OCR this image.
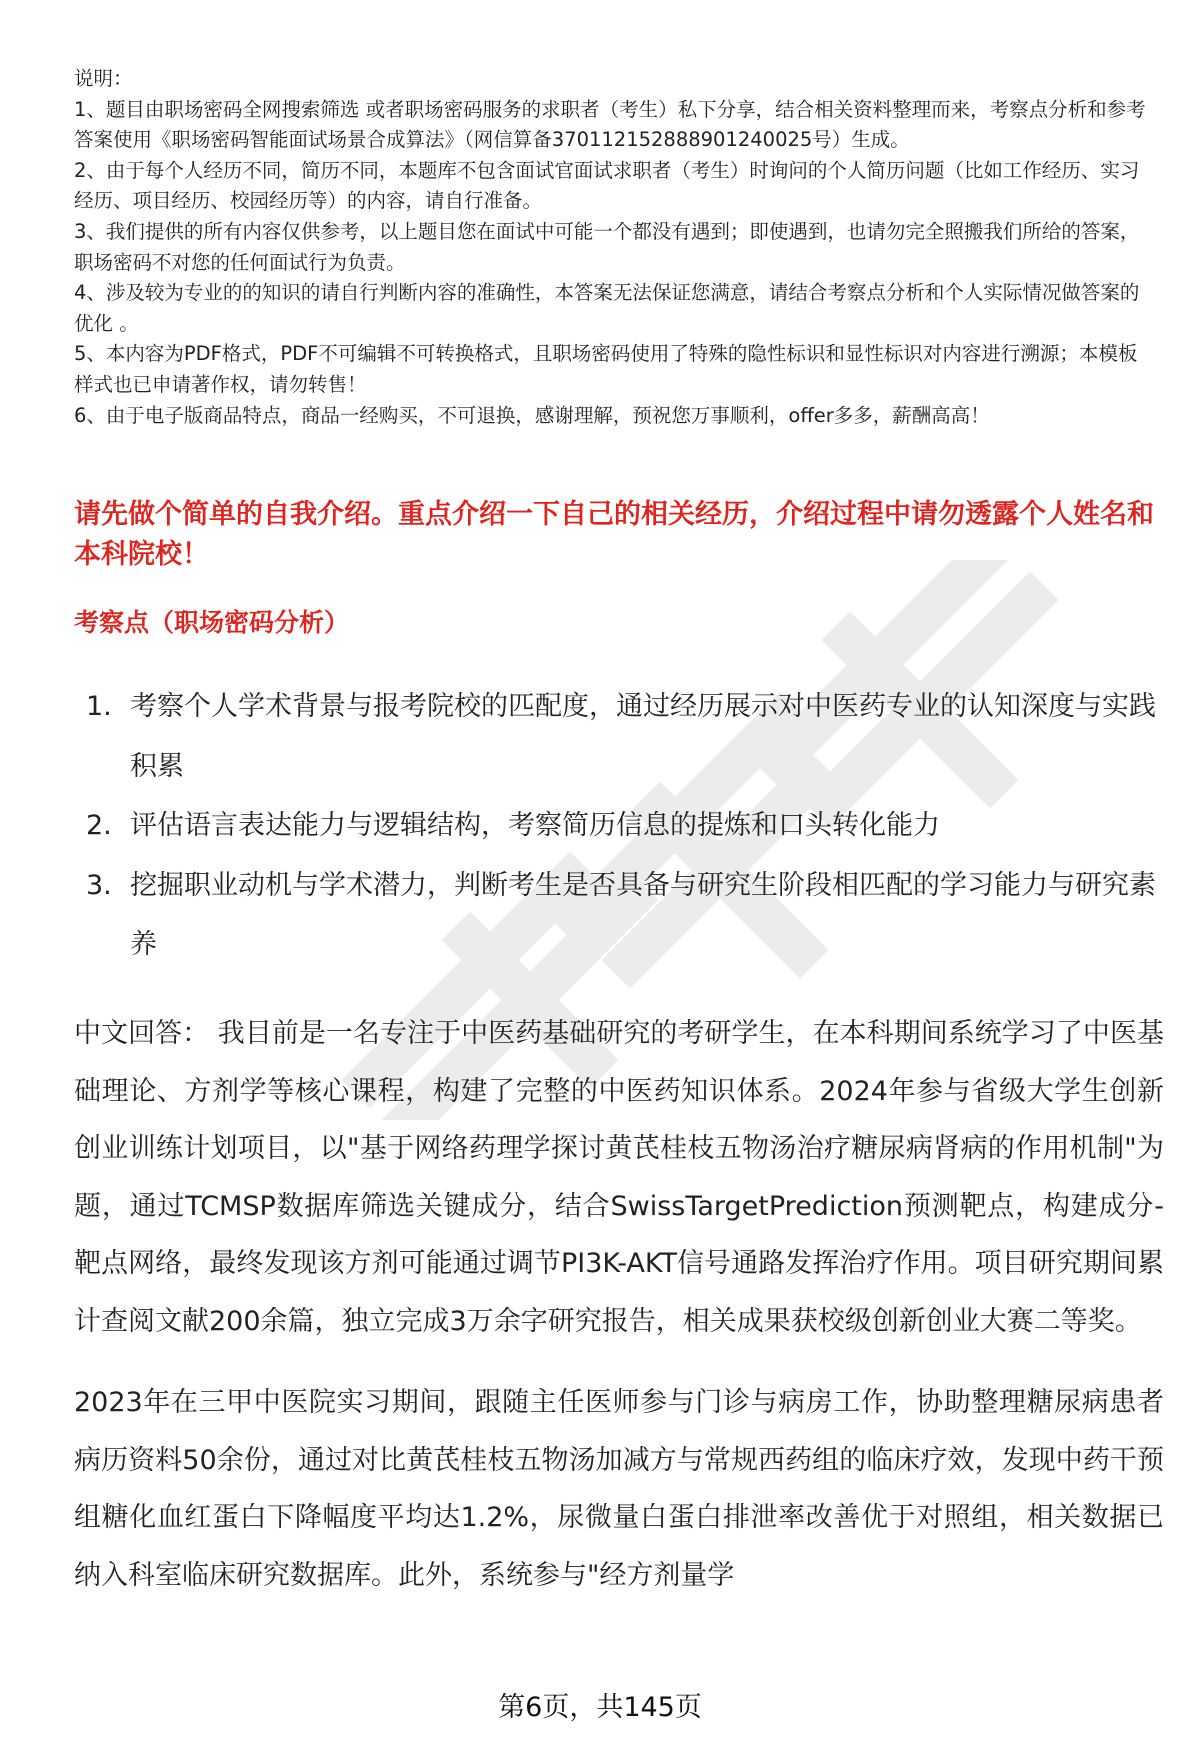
说明：

1、题目由职场密码全网搜索筛选 或者职场密码服务的求职者（考生）私下分享，结合相关资料整理而来，考察点分析和参考答案使用《职场密码智能面试场景合成算法》（网信算备370112152888901240025号）生成。

2、由于每个人经历不同，简历不同，本题库不包含面试官面试求职者（考生）时询问的个人简历问题（比如工作经历、实习经历、项目经历、校园经历等）的内容，请自行准备。

3、我们提供的所有内容仅供参考，以上题目您在面试中可能一个都没有遇到；即使遇到，也请勿完全照搬我们所给的答案，职场密码不对您的任何面试行为负责。

4、涉及较为专业的的知识的请自行判断内容的准确性，本答案无法保证您满意，请结合考察点分析和个人实际情况做答案的优化 。

5、本内容为PDF格式，PDF不可编辑不可转换格式，且职场密码使用了特殊的隐性标识和显性标识对内容进行溯源；本模板样式也已申请著作权，请勿转售！

6、由于电子版商品特点，商品一经购买，不可退换，感谢理解，预祝您万事顺利，offer多多，薪酬高高！

请先做个简单的自我介绍。重点介绍一下自己的相关经历，介绍过程中请勿透露个人姓名和本科院校！
考察点（职场密码分析）
1. 考察个人学术背景与报考院校的匹配度，通过经历展示对中医药专业的认知深度与实践积累
2. 评估语言表达能力与逻辑结构，考察简历信息的提炼和口头转化能力
3. 挖掘职业动机与学术潜力，判断考生是否具备与研究生阶段相匹配的学习能力与研究素养

中文回答： 我目前是一名专注于中医药基础研究的考研学生，在本科期间系统学习了中医基础理论、方剂学等核心课程，构建了完整的中医药知识体系。2024年参与省级大学生创新创业训练计划项目，以"基于网络药理学探讨黄芪桂枝五物汤治疗糖尿病肾病的作用机制"为题，通过TCMSP数据库筛选关键成分，结合SwissTargetPrediction预测靶点，构建成分-靶点网络，最终发现该方剂可能通过调节PI3K-AKT信号通路发挥治疗作用。项目研究期间累计查阅文献200余篇，独立完成3万余字研究报告，相关成果获校级创新创业大赛二等奖。

2023年在三甲中医院实习期间，跟随主任医师参与门诊与病房工作，协助整理糖尿病患者病历资料50余份，通过对比黄芪桂枝五物汤加减方与常规西药组的临床疗效，发现中药干预组糖化血红蛋白下降幅度平均达1.2%，尿微量白蛋白排泄率改善优于对照组，相关数据已纳入科室临床研究数据库。此外，系统参与"经方剂量学

第6页，共145页
